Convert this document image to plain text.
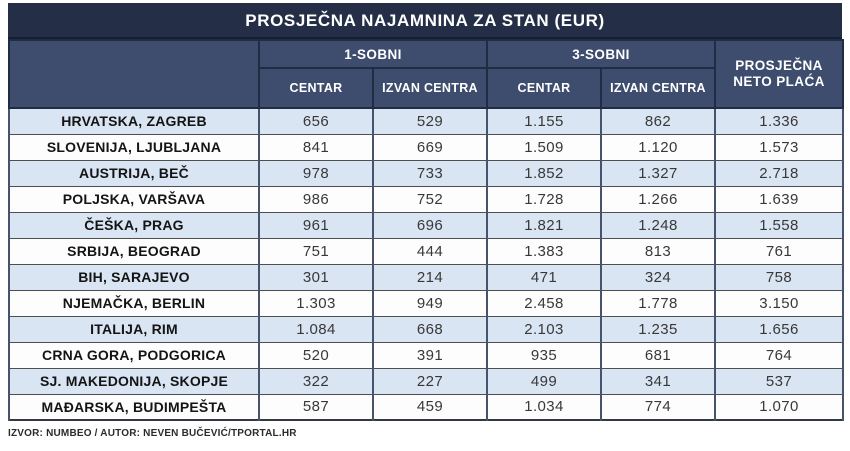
PROSJEČNA NAJAMNINA ZA STAN (EUR)
	1-SOBNI		3-SOBNI		PROSJEČNA NETO PLAĆA
	CENTAR	IZVAN CENTRA	CENTAR	IZVAN CENTRA	
HRVATSKA, ZAGREB	656	529	1.155	862	1.336
SLOVENIJA, LJUBLJANA	841	669	1.509	1.120	1.573
AUSTRIJA, BEČ	978	733	1.852	1.327	2.718
POLJSKA, VARŠAVA	986	752	1.728	1.266	1.639
ČEŠKA, PRAG	961	696	1.821	1.248	1.558
SRBIJA, BEOGRAD	751	444	1.383	813	761
BIH, SARAJEVO	301	214	471	324	758
NJEMAČKA, BERLIN	1.303	949	2.458	1.778	3.150
ITALIJA, RIM	1.084	668	2.103	1.235	1.656
CRNA GORA, PODGORICA	520	391	935	681	764
SJ. MAKEDONIJA, SKOPJE	322	227	499	341	537
MAĐARSKA, BUDIMPEŠTA	587	459	1.034	774	1.070
IZVOR: NUMBEO / AUTOR: NEVEN BUČEVIĆ/TPORTAL.HR
